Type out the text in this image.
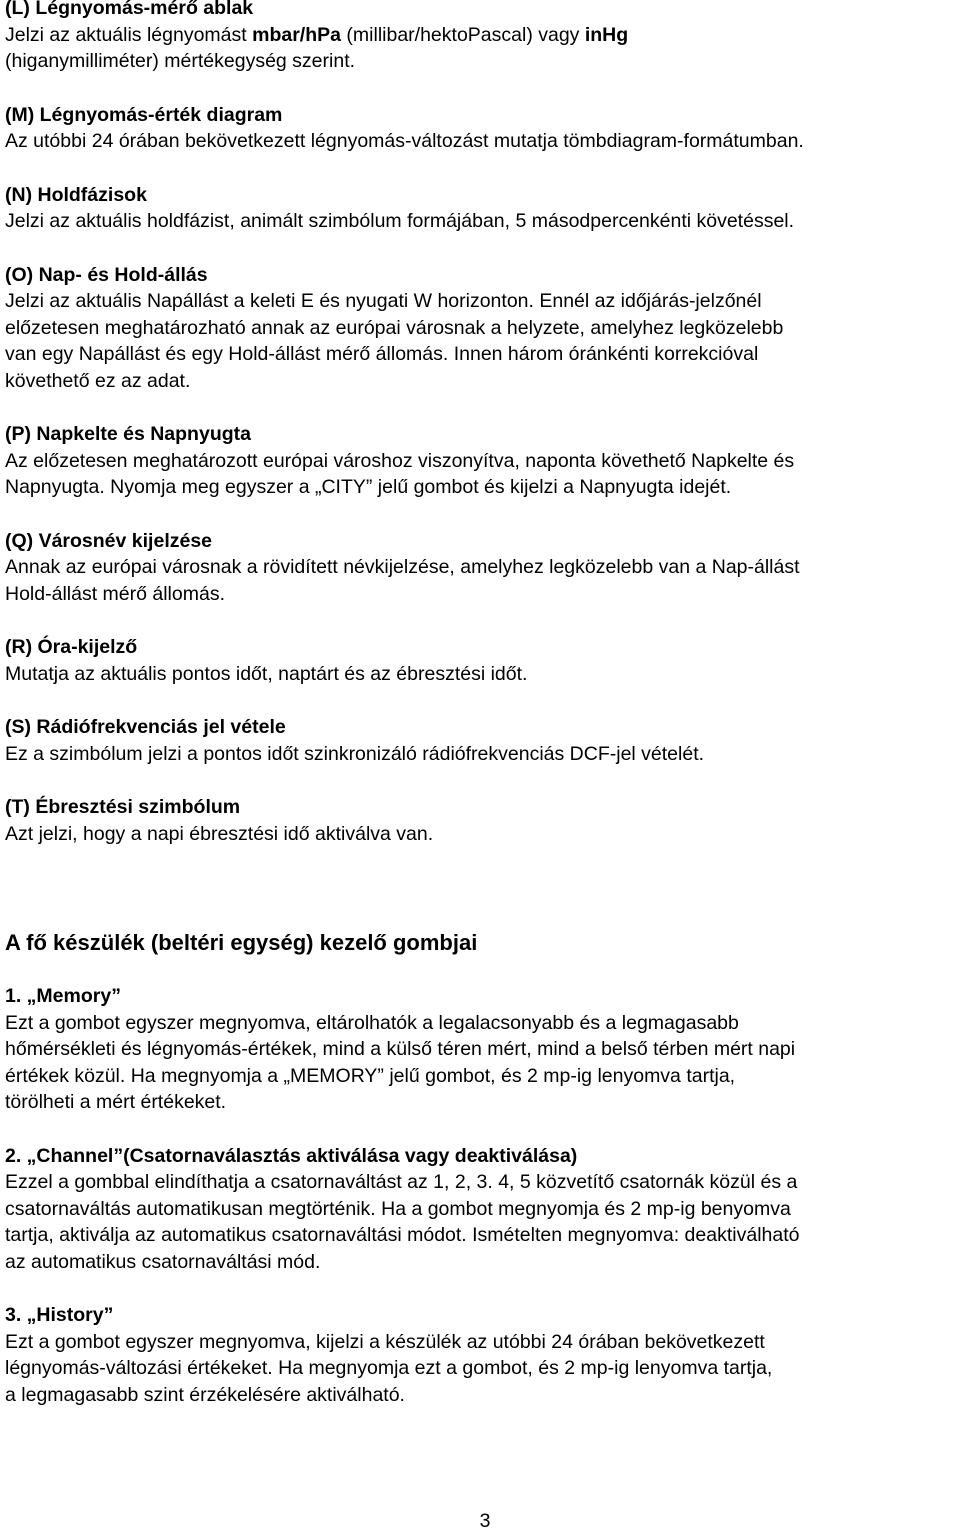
(L) Légnyomás-mérő ablak

Jelzi az aktuális légnyomást mbar/hPa (millibar/hektoPascal) vagy inHg

(higanymilliméter) mértékegység szerint.

(M) Légnyomás-érték diagram

Az utóbbi 24 órában bekövetkezett légnyomás-változást mutatja tömbdiagram-formátumban.

(N) Holdfázisok

Jelzi az aktuális holdfázist, animált szimbólum formájában, 5 másodpercenkénti követéssel.

(O) Nap- és Hold-állás

Jelzi az aktuális Napállást a keleti E és nyugati W horizonton. Ennél az időjárás-jelzőnél

előzetesen meghatározható annak az európai városnak a helyzete, amelyhez legközelebb

van egy Napállást és egy Hold-állást mérő állomás. Innen három óránkénti korrekcióval

követhető ez az adat.

(P) Napkelte és Napnyugta

Az előzetesen meghatározott európai városhoz viszonyítva, naponta követhető Napkelte és

Napnyugta. Nyomja meg egyszer a „CITY” jelű gombot és kijelzi a Napnyugta idejét.

(Q) Városnév kijelzése

Annak az európai városnak a rövidített névkijelzése, amelyhez legközelebb van a Nap-állást

Hold-állást mérő állomás.

(R) Óra-kijelző

Mutatja az aktuális pontos időt, naptárt és az ébresztési időt.

(S) Rádiófrekvenciás jel vétele

Ez a szimbólum jelzi a pontos időt szinkronizáló rádiófrekvenciás DCF-jel vételét.

(T) Ébresztési szimbólum

Azt jelzi, hogy a napi ébresztési idő aktiválva van.

A fő készülék (beltéri egység) kezelő gombjai

1. „Memory”

Ezt a gombot egyszer megnyomva, eltárolhatók a legalacsonyabb és a legmagasabb

hőmérsékleti és légnyomás-értékek, mind a külső téren mért, mind a belső térben mért napi

értékek közül. Ha megnyomja a „MEMORY” jelű gombot, és 2 mp-ig lenyomva tartja,

törölheti a mért értékeket.

2. „Channel”(Csatornaválasztás aktiválása vagy deaktiválása)

Ezzel a gombbal elindíthatja a csatornaváltást az 1, 2, 3. 4, 5 közvetítő csatornák közül és a

csatornaváltás automatikusan megtörténik. Ha a gombot megnyomja és 2 mp-ig benyomva

tartja, aktiválja az automatikus csatornaváltási módot. Ismételten megnyomva: deaktiválható

az automatikus csatornaváltási mód.

3. „History”

Ezt a gombot egyszer megnyomva, kijelzi a készülék az utóbbi 24 órában bekövetkezett

légnyomás-változási értékeket. Ha megnyomja ezt a gombot, és 2 mp-ig lenyomva tartja,

a legmagasabb szint érzékelésére aktiválható.

3
